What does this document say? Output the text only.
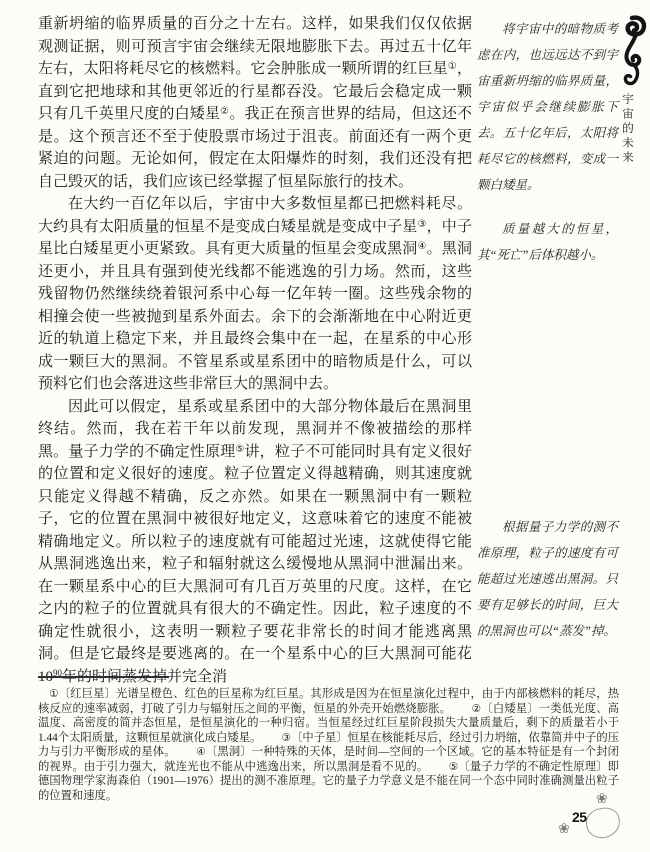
重新坍缩的临界质量的百分之十左右。这样，如果我们仅仅依据观测证据，则可预言宇宙会继续无限地膨胀下去。再过五十亿年左右，太阳将耗尽它的核燃料。它会肿胀成一颗所谓的红巨星①，直到它把地球和其他更邻近的行星都吞没。它最后会稳定成一颗只有几千英里尺度的白矮星②。我正在预言世界的结局，但这还不是。这个预言还不至于使股票市场过于沮丧。前面还有一两个更紧迫的问题。无论如何，假定在太阳爆炸的时刻，我们还没有把自己毁灭的话，我们应该已经掌握了恒星际旅行的技术。

在大约一百亿年以后，宇宙中大多数恒星都已把燃料耗尽。大约具有太阳质量的恒星不是变成白矮星就是变成中子星③，中子星比白矮星更小更紧致。具有更大质量的恒星会变成黑洞④。黑洞还更小，并且具有强到使光线都不能逃逸的引力场。然而，这些残留物仍然继续绕着银河系中心每一亿年转一圈。这些残余物的相撞会使一些被抛到星系外面去。余下的会渐渐地在中心附近更近的轨道上稳定下来，并且最终会集中在一起，在星系的中心形成一颗巨大的黑洞。不管星系或星系团中的暗物质是什么，可以预料它们也会落进这些非常巨大的黑洞中去。

因此可以假定，星系或星系团中的大部分物体最后在黑洞里终结。然而，我在若干年以前发现，黑洞并不像被描绘的那样黑。量子力学的不确定性原理⑤讲，粒子不可能同时具有定义很好的位置和定义很好的速度。粒子位置定义得越精确，则其速度就只能定义得越不精确，反之亦然。如果在一颗黑洞中有一颗粒子，它的位置在黑洞中被很好地定义，这意味着它的速度不能被精确地定义。所以粒子的速度就有可能超过光速，这就使得它能从黑洞逃逸出来，粒子和辐射就这么缓慢地从黑洞中泄漏出来。在一颗星系中心的巨大黑洞可有几百万英里的尺度。这样，在它之内的粒子的位置就具有很大的不确定性。因此，粒子速度的不确定性就很小，这表明一颗粒子要花非常长的时间才能逃离黑洞。但是它最终是要逃离的。在一个星系中心的巨大黑洞可能花$10^{90}$年的时间蒸发掉并完全消

将宇宙中的暗物质考虑在内，也远远达不到宇宙重新坍缩的临界质量，宇宙似乎会继续膨胀下去。五十亿年后，太阳将耗尽它的核燃料，变成一颗白矮星。
质量越大的恒星，其“死亡”后体积越小。
根据量子力学的测不准原理，粒子的速度有可能超过光速逃出黑洞。只要有足够长的时间，巨大的黑洞也可以“蒸发”掉。
宇宙的未来
①〔红巨星〕光谱呈橙色、红色的巨星称为红巨星。其形成是因为在恒星演化过程中，由于内部核燃料的耗尽，热核反应的速率减弱，打破了引力与辐射压之间的平衡，恒星的外壳开始燃烧膨胀。 ②〔白矮星〕一类低光度、高温度、高密度的简并态恒星，是恒星演化的一种归宿。当恒星经过红巨星阶段损失大量质量后，剩下的质量若小于1.44个太阳质量，这颗恒星就演化成白矮星。 ③〔中子星〕恒星在核能耗尽后，经过引力坍缩，依靠简并中子的压力与引力平衡形成的星体。 ④〔黑洞〕一种特殊的天体，是时间—空间的一个区域。它的基本特征是有一个封闭的视界。由于引力强大，就连光也不能从中逃逸出来，所以黑洞是看不见的。 ⑤〔量子力学的不确定性原理〕即德国物理学家海森伯（1901—1976）提出的测不准原理。它的量子力学意义是不能在同一个态中同时准确测量出粒子的位置和速度。	❀
❀
25
